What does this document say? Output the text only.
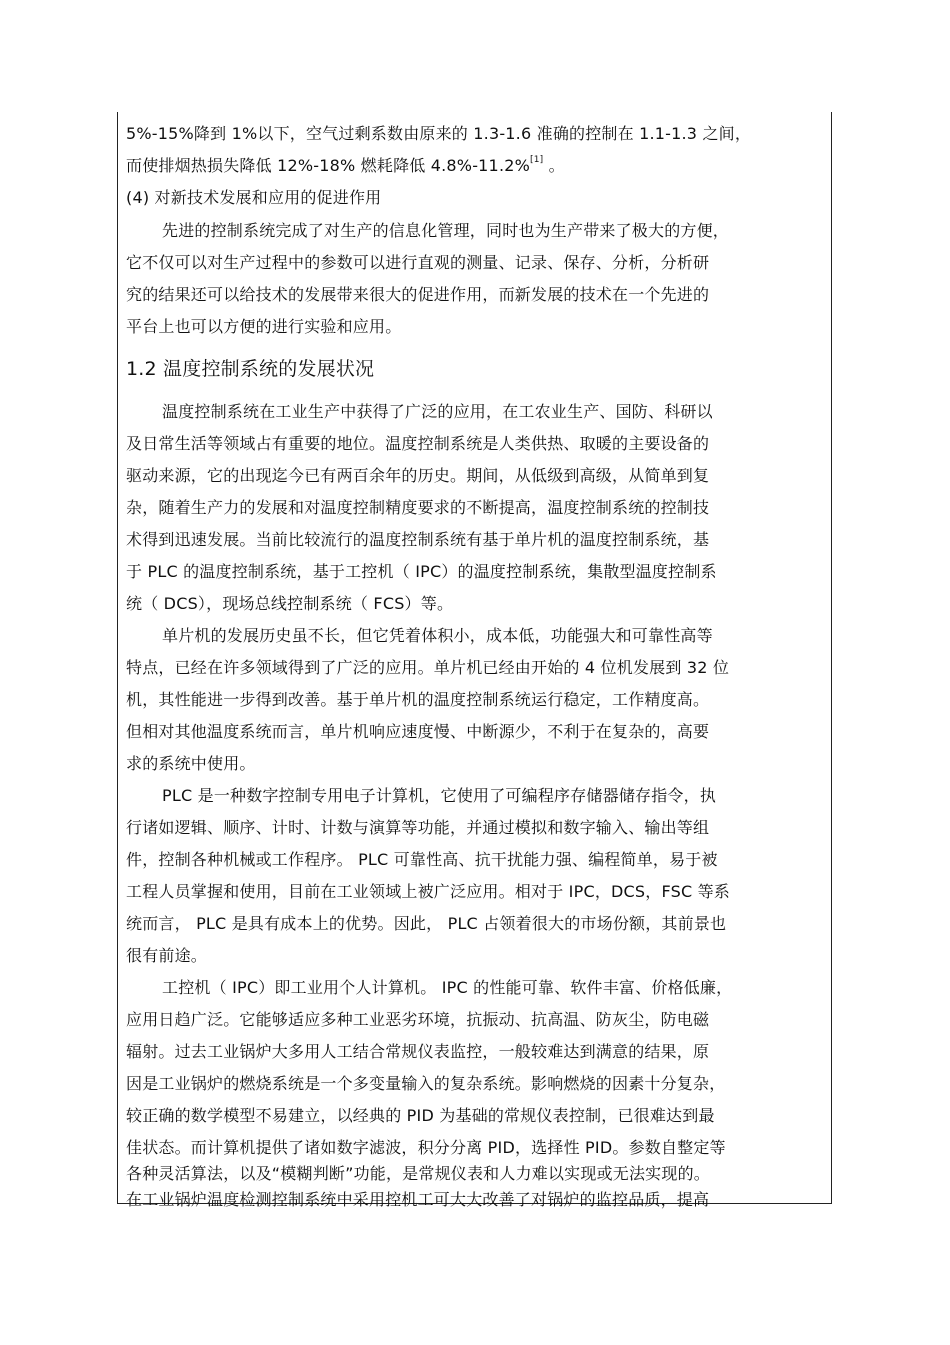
5%-15%降到 1%以下，空气过剩系数由原来的 1.3-1.6 准确的控制在 1.1-1.3 之间，
而使排烟热损失降低 12%-18% 燃耗降低 4.8%-11.2%[1] 。
(4) 对新技术发展和应用的促进作用
先进的控制系统完成了对生产的信息化管理，同时也为生产带来了极大的方便，
它不仅可以对生产过程中的参数可以进行直观的测量、记录、保存、分析，分析研
究的结果还可以给技术的发展带来很大的促进作用，而新发展的技术在一个先进的
平台上也可以方便的进行实验和应用。
1.2 温度控制系统的发展状况
温度控制系统在工业生产中获得了广泛的应用，在工农业生产、国防、科研以
及日常生活等领域占有重要的地位。温度控制系统是人类供热、取暖的主要设备的
驱动来源，它的出现迄今已有两百余年的历史。期间，从低级到高级，从简单到复
杂，随着生产力的发展和对温度控制精度要求的不断提高，温度控制系统的控制技
术得到迅速发展。当前比较流行的温度控制系统有基于单片机的温度控制系统，基
于 PLC 的温度控制系统，基于工控机（ IPC）的温度控制系统，集散型温度控制系
统（ DCS），现场总线控制系统（ FCS）等。
单片机的发展历史虽不长，但它凭着体积小，成本低，功能强大和可靠性高等
特点，已经在许多领域得到了广泛的应用。单片机已经由开始的 4 位机发展到 32 位
机，其性能进一步得到改善。基于单片机的温度控制系统运行稳定，工作精度高。
但相对其他温度系统而言，单片机响应速度慢、中断源少，不利于在复杂的，高要
求的系统中使用。
PLC 是一种数字控制专用电子计算机，它使用了可编程序存储器储存指令，执
行诸如逻辑、顺序、计时、计数与演算等功能，并通过模拟和数字输入、输出等组
件，控制各种机械或工作程序。 PLC 可靠性高、抗干扰能力强、编程简单，易于被
工程人员掌握和使用，目前在工业领域上被广泛应用。相对于 IPC，DCS，FSC 等系
统而言， PLC 是具有成本上的优势。因此， PLC 占领着很大的市场份额，其前景也
很有前途。
工控机（ IPC）即工业用个人计算机。 IPC 的性能可靠、软件丰富、价格低廉，
应用日趋广泛。它能够适应多种工业恶劣环境，抗振动、抗高温、防灰尘，防电磁
辐射。过去工业锅炉大多用人工结合常规仪表监控，一般较难达到满意的结果，原
因是工业锅炉的燃烧系统是一个多变量输入的复杂系统。影响燃烧的因素十分复杂，
较正确的数学模型不易建立，以经典的 PID 为基础的常规仪表控制，已很难达到最
佳状态。而计算机提供了诸如数字滤波，积分分离 PID，选择性 PID。参数自整定等
各种灵活算法，以及“模糊判断”功能，是常规仪表和人力难以实现或无法实现的。
在工业锅炉温度检测控制系统中采用控机工可大大改善了对锅炉的监控品质，提高
